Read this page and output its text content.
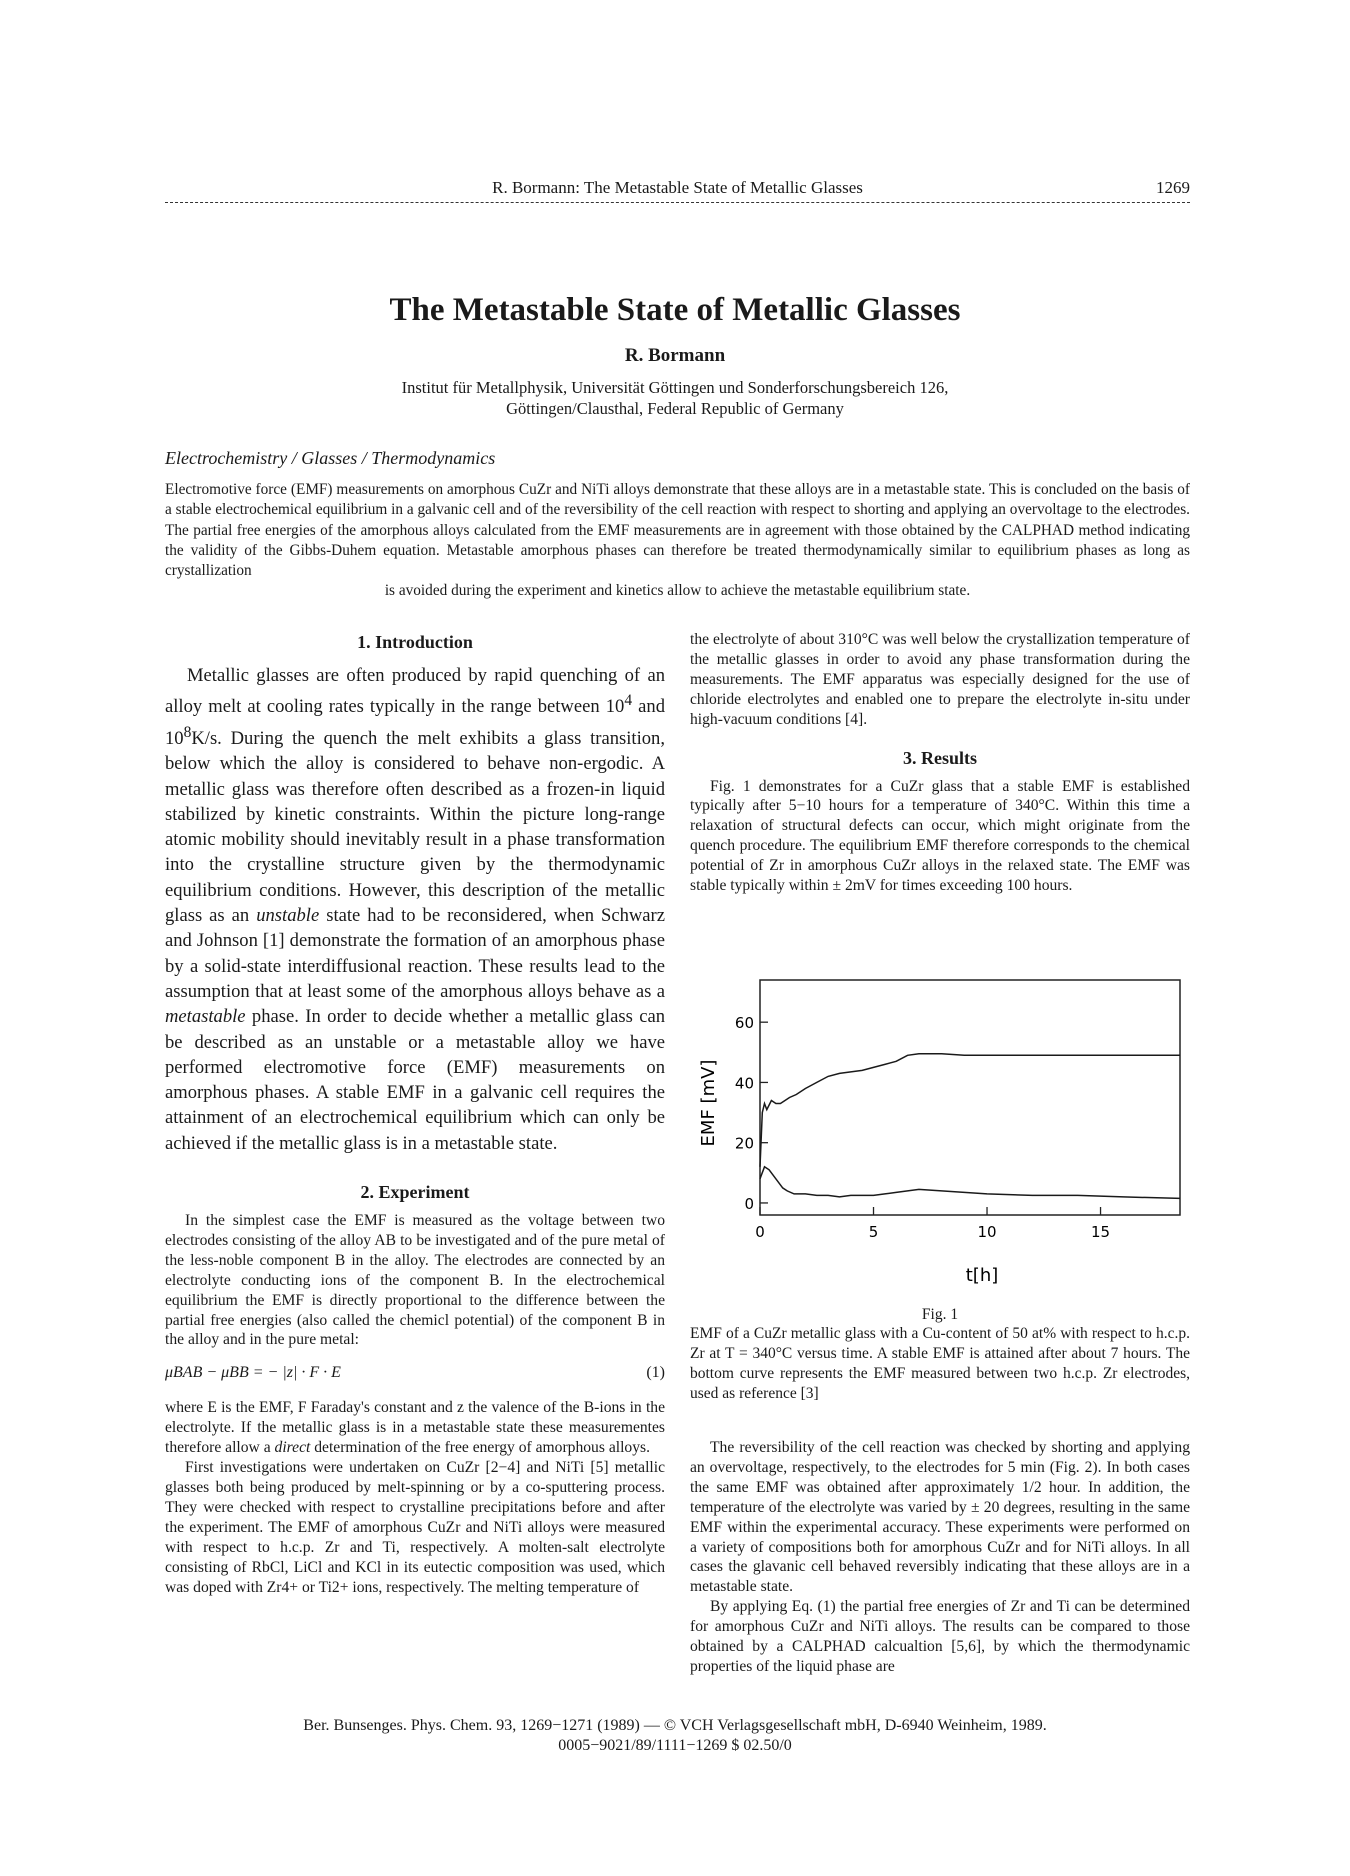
R. Bormann: The Metastable State of Metallic Glasses	1269
The Metastable State of Metallic Glasses
R. Bormann
Institut für Metallphysik, Universität Göttingen und Sonderforschungsbereich 126,
Göttingen/Clausthal, Federal Republic of Germany
Electrochemistry / Glasses / Thermodynamics
Electromotive force (EMF) measurements on amorphous CuZr and NiTi alloys demonstrate that these alloys are in a metastable state. This is concluded on the basis of a stable electrochemical equilibrium in a galvanic cell and of the reversibility of the cell reaction with respect to shorting and applying an overvoltage to the electrodes. The partial free energies of the amorphous alloys calculated from the EMF measurements are in agreement with those obtained by the CALPHAD method indicating the validity of the Gibbs-Duhem equation. Metastable amorphous phases can therefore be treated thermodynamically similar to equilibrium phases as long as crystallization
is avoided during the experiment and kinetics allow to achieve the metastable equilibrium state.
1. Introduction

Metallic glasses are often produced by rapid quenching of an alloy melt at cooling rates typically in the range between $10^4$ and $10^8K/s$. During the quench the melt exhibits a glass transition, below which the alloy is considered to behave non-ergodic. A metallic glass was therefore often described as a frozen-in liquid stabilized by kinetic constraints. Within the picture long-range atomic mobility should inevitably result in a phase transformation into the crystalline structure given by the thermodynamic equilibrium conditions. However, this description of the metallic glass as an unstable state had to be reconsidered, when Schwarz and Johnson [1] demonstrate the formation of an amorphous phase by a solid-state interdiffusional reaction. These results lead to the assumption that at least some of the amorphous alloys behave as a metastable phase. In order to decide whether a metallic glass can be described as an unstable or a metastable alloy we have performed electromotive force (EMF) measurements on amorphous phases. A stable EMF in a galvanic cell requires the attainment of an electrochemical equilibrium which can only be achieved if the metallic glass is in a metastable state.

2. Experiment

In the simplest case the EMF is measured as the voltage between two electrodes consisting of the alloy AB to be investigated and of the pure metal of the less-noble component B in the alloy. The electrodes are connected by an electrolyte conducting ions of the component B. In the electrochemical equilibrium the EMF is directly proportional to the difference between the partial free energies (also called the chemicl potential) of the component B in the alloy and in the pure metal:

μBAB − μBB = − |z| · F · E	(1)

where E is the EMF, F Faraday's constant and z the valence of the B-ions in the electrolyte. If the metallic glass is in a metastable state these measurementes therefore allow a direct determination of the free energy of amorphous alloys.

First investigations were undertaken on CuZr [2−4] and NiTi [5] metallic glasses both being produced by melt-spinning or by a co-sputtering process. They were checked with respect to crystalline precipitations before and after the experiment. The EMF of amorphous CuZr and NiTi alloys were measured with respect to h.c.p. Zr and Ti, respectively. A molten-salt electrolyte consisting of RbCl, LiCl and KCl in its eutectic composition was used, which was doped with Zr4+ or Ti2+ ions, respectively. The melting temperature of

the electrolyte of about 310°C was well below the crystallization temperature of the metallic glasses in order to avoid any phase transformation during the measurements. The EMF apparatus was especially designed for the use of chloride electrolytes and enabled one to prepare the electrolyte in-situ under high-vacuum conditions [4].

3. Results

Fig. 1 demonstrates for a CuZr glass that a stable EMF is established typically after 5−10 hours for a temperature of 340°C. Within this time a relaxation of structural defects can occur, which might originate from the quench procedure. The equilibrium EMF therefore corresponds to the chemical potential of Zr in amorphous CuZr alloys in the relaxed state. The EMF was stable typically within ± 2mV for times exceeding 100 hours.

0
20
40
60
0	5	10	15
EMF [mV]
t[h]
Fig. 1
EMF of a CuZr metallic glass with a Cu-content of 50 at% with respect to h.c.p. Zr at T = 340°C versus time. A stable EMF is attained after about 7 hours. The bottom curve represents the EMF measured between two h.c.p. Zr electrodes, used as reference [3]

The reversibility of the cell reaction was checked by shorting and applying an overvoltage, respectively, to the electrodes for 5 min (Fig. 2). In both cases the same EMF was obtained after approximately 1/2 hour. In addition, the temperature of the electrolyte was varied by ± 20 degrees, resulting in the same EMF within the experimental accuracy. These experiments were performed on a variety of compositions both for amorphous CuZr and for NiTi alloys. In all cases the glavanic cell behaved reversibly indicating that these alloys are in a metastable state.

By applying Eq. (1) the partial free energies of Zr and Ti can be determined for amorphous CuZr and NiTi alloys. The results can be compared to those obtained by a CALPHAD calcualtion [5,6], by which the thermodynamic properties of the liquid phase are

Ber. Bunsenges. Phys. Chem. 93, 1269−1271 (1989) — © VCH Verlagsgesellschaft mbH, D-6940 Weinheim, 1989.
0005−9021/89/1111−1269 $ 02.50/0
